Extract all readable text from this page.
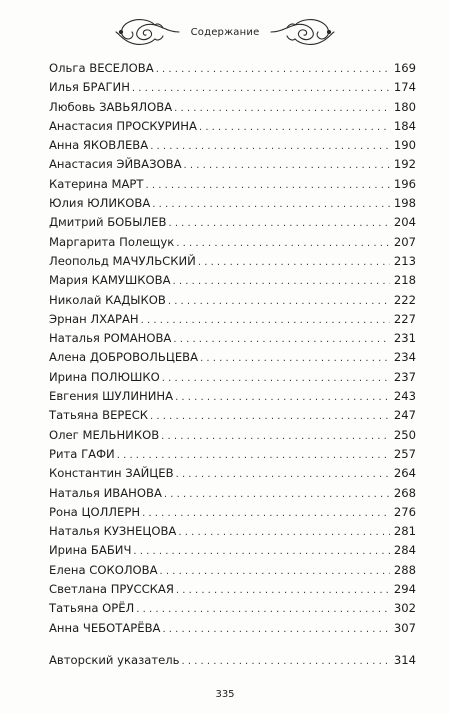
Содержание
Ольга ВЕСЕЛОВА . . .	169
Илья БРАГИН . . .	174
Любовь ЗАВЬЯЛОВА . . .	180
Анастасия ПРОСКУРИНА . . .	184
Анна ЯКОВЛЕВА . . .	190
Анастасия ЭЙВАЗОВА . . .	192
Катерина МАРТ . . .	196
Юлия ЮЛИКОВА . . .	198
Дмитрий БОБЫЛЕВ . . .	204
Маргарита Полещук . . .	207
Леопольд МАЧУЛЬСКИЙ . . .	213
Мария КАМУШКОВА . . .	218
Николай КАДЫКОВ . . .	222
Эрнан ЛХАРАН . . .	227
Наталья РОМАНОВА . . .	231
Алена ДОБРОВОЛЬЦЕВА . . .	234
Ирина ПОЛЮШКО . . .	237
Евгения ШУЛИНИНА . . .	243
Татьяна ВЕРЕСК . . .	247
Олег МЕЛЬНИКОВ . . .	250
Рита ГАФИ . . .	257
Константин ЗАЙЦЕВ . . .	264
Наталья ИВАНОВА . . .	268
Рона ЦОЛЛЕРН . . .	276
Наталья КУЗНЕЦОВА . . .	281
Ирина БАБИЧ . . .	284
Елена СОКОЛОВА . . .	288
Светлана ПРУССКАЯ . . .	294
Татьяна ОРЁЛ . . .	302
Анна ЧЕБОТАРЁВА . . .	307
Авторский указатель . . .	314
335
